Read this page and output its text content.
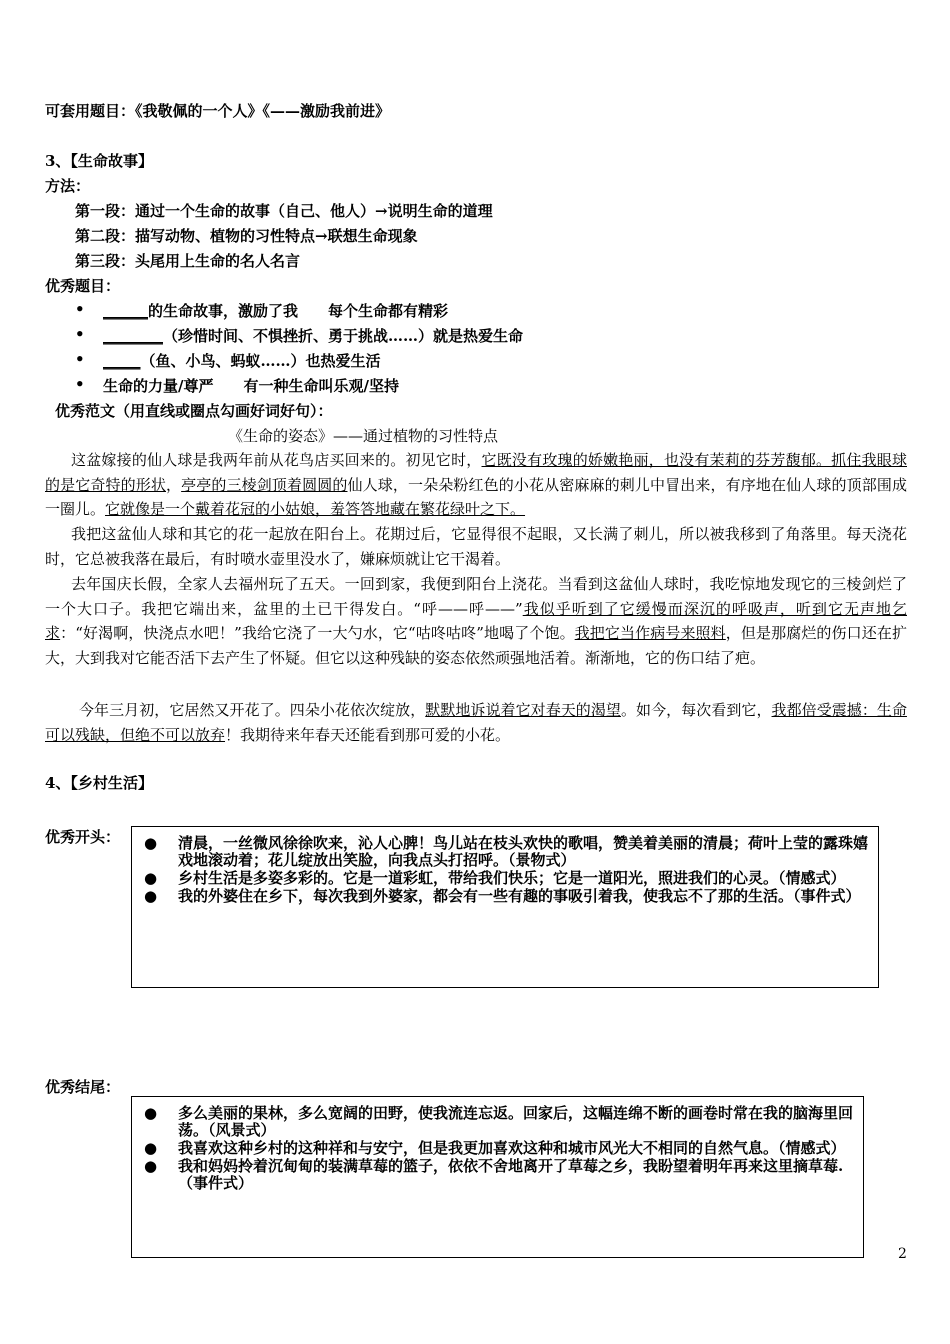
可套用题目：《我敬佩的一个人》《——激励我前进》
3、【生命故事】
方法：
第一段：通过一个生命的故事（自己、他人）→说明生命的道理
第二段：描写动物、植物的习性特点→联想生命现象
第三段：头尾用上生命的名人名言
优秀题目：
• ______的生命故事，激励了我　　每个生命都有精彩
• ________（珍惜时间、不惧挫折、勇于挑战……）就是热爱生命
• _____（鱼、小鸟、蚂蚁……）也热爱生活
• 生命的力量/尊严　　有一种生命叫乐观/坚持
优秀范文（用直线或圈点勾画好词好句）：
《生命的姿态》——通过植物的习性特点
这盆嫁接的仙人球是我两年前从花鸟店买回来的。初见它时，它既没有玫瑰的娇嫩艳丽，也没有茉莉的芬芳馥郁。抓住我眼球的是它奇特的形状，亭亭的三棱剑顶着圆圆的仙人球，一朵朵粉红色的小花从密麻麻的刺儿中冒出来，有序地在仙人球的顶部围成一圈儿。它就像是一个戴着花冠的小姑娘，羞答答地藏在繁花绿叶之下。
我把这盆仙人球和其它的花一起放在阳台上。花期过后，它显得很不起眼，又长满了刺儿，所以被我移到了角落里。每天浇花时，它总被我落在最后，有时喷水壶里没水了，嫌麻烦就让它干渴着。
去年国庆长假，全家人去福州玩了五天。一回到家，我便到阳台上浇花。当看到这盆仙人球时，我吃惊地发现它的三棱剑烂了一个大口子。我把它端出来，盆里的土已干得发白。“呼——呼——”我似乎听到了它缓慢而深沉的呼吸声，听到它无声地乞求：“好渴啊，快浇点水吧！”我给它浇了一大勺水，它“咕咚咕咚”地喝了个饱。我把它当作病号来照料，但是那腐烂的伤口还在扩大，大到我对它能否活下去产生了怀疑。但它以这种残缺的姿态依然顽强地活着。渐渐地，它的伤口结了疤。
今年三月初，它居然又开花了。四朵小花依次绽放，默默地诉说着它对春天的渴望。如今，每次看到它，我都倍受震撼：生命可以残缺，但绝不可以放弃！我期待来年春天还能看到那可爱的小花。
4、【乡村生活】
优秀开头： ● 清晨，一丝微风徐徐吹来，沁人心脾！鸟儿站在枝头欢快的歌唱，赞美着美丽的清晨；荷叶上莹的露珠嬉戏地滚动着；花儿绽放出笑脸，向我点头打招呼。（景物式）
● 乡村生活是多姿多彩的。它是一道彩虹，带给我们快乐；它是一道阳光，照进我们的心灵。（情感式）
● 我的外婆住在乡下，每次我到外婆家，都会有一些有趣的事吸引着我，使我忘不了那的生活。（事件式）
优秀结尾：
● 多么美丽的果林，多么宽阔的田野，使我流连忘返。回家后，这幅连绵不断的画卷时常在我的脑海里回荡。（风景式）
● 我喜欢这种乡村的这种祥和与安宁，但是我更加喜欢这种和城市风光大不相同的自然气息。（情感式）
● 我和妈妈拎着沉甸甸的装满草莓的篮子，依依不舍地离开了草莓之乡，我盼望着明年再来这里摘草莓.（事件式）
2
